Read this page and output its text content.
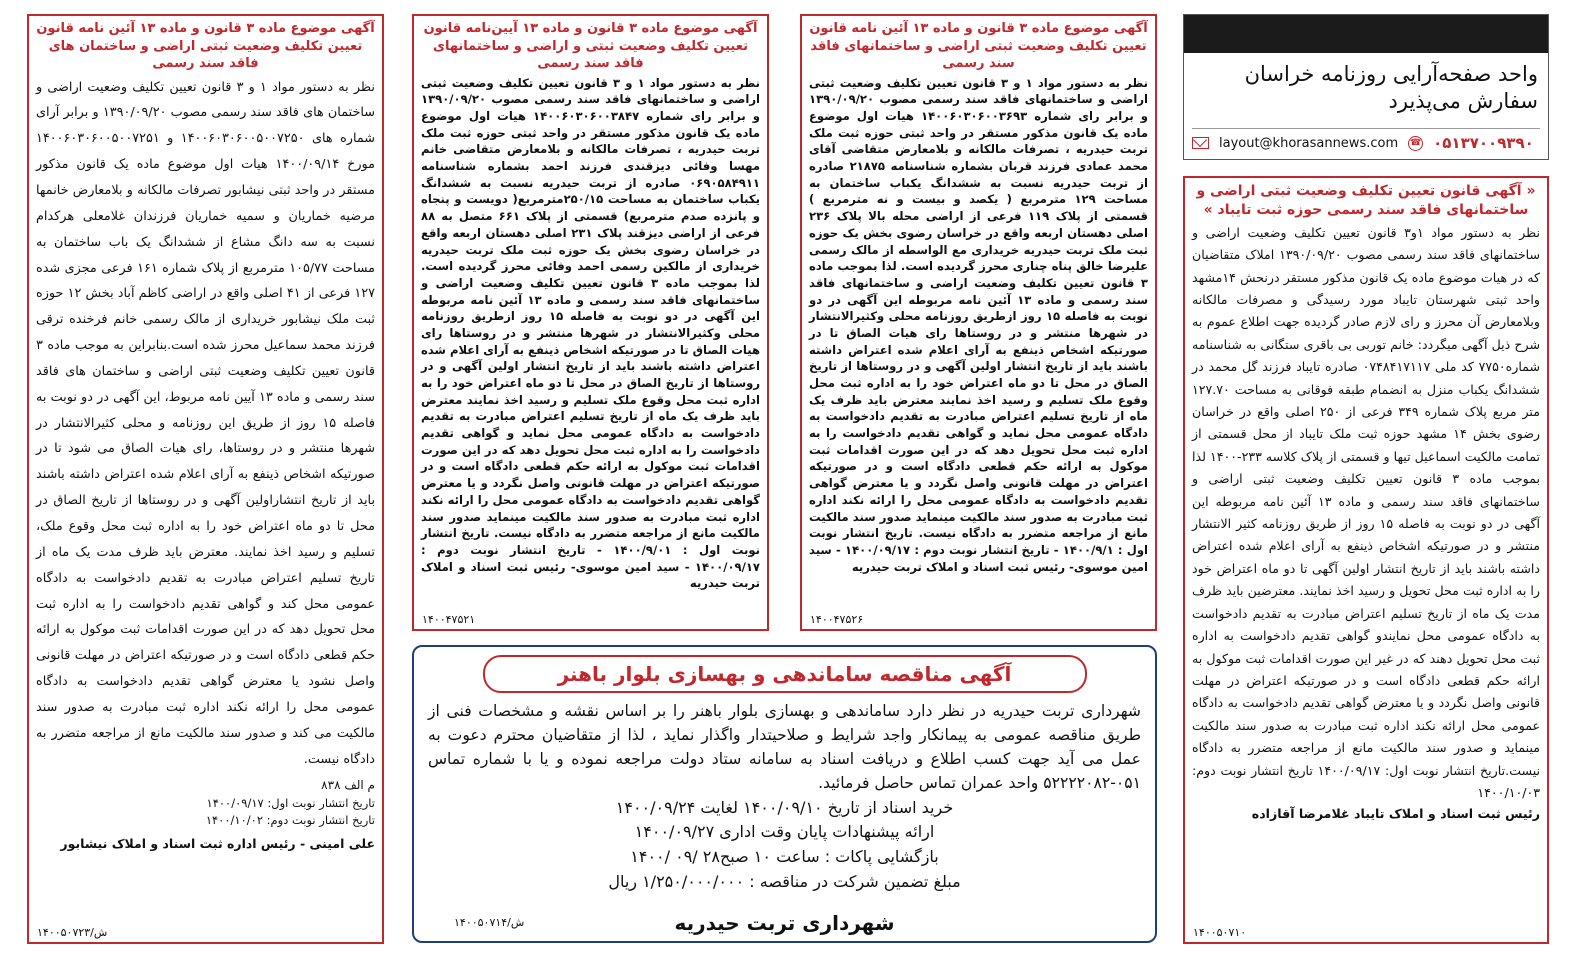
واحد صفحه‌آرایی روزنامه خراسان سفارش می‌پذیرد
layout@khorasannews.com ☎ ۰۵۱۳۷۰۰۹۳۹۰
« آگهی قانون تعیین تکلیف وضعیت ثبتی اراضی و ساختمانهای فاقد سند رسمی حوزه ثبت تایباد »
نظر به دستور مواد ۱و۳ قانون تعیین تکلیف وضعیت اراضی و ساختمانهای فاقد سند رسمی مصوب ۱۳۹۰/۰۹/۲۰ املاک متقاضیان که در هیات موضوع ماده یک قانون مذکور مستقر درنحش ۱۴مشهد واحد ثبتی شهرستان تایباد مورد رسیدگی و مصرفات مالکانه وبلامعارض آن محرز و رای لازم صادر گردیده جهت اطلاع عموم به شرح ذیل آگهی میگردد: خانم توربی بی باقری ستگانی به شناسنامه شماره۷۷۵۰ کد ملی ۰۷۴۸۴۱۷۱۱۷ صادره تایباد فرزند گل محمد در ششدانگ یکباب منزل به انضمام طبقه فوقانی به مساحت ۱۲۷.۷۰ متر مربع پلاک شماره ۳۴۹ فرعی از ۲۵۰ اصلی واقع در خراسان رضوی بخش ۱۴ مشهد حوزه ثبت ملک تایباد از محل قسمتی از تمامت مالکیت اسماعیل تیها و قسمتی از پلاک کلاسه ۲۳۳-۱۴۰۰ لذا بموجب ماده ۳ قانون تعیین تکلیف وضعیت ثبتی اراضی و ساختمانهای فاقد سند رسمی و ماده ۱۳ آئین نامه مربوطه این آگهی در دو نوبت به فاصله ۱۵ روز از طریق روزنامه کثیر الانتشار منتشر و در صورتیکه اشخاص ذینفع به آرای اعلام شده اعتراض داشته باشند باید از تاریخ انتشار اولین آگهی تا دو ماه اعتراض خود را به اداره ثبت محل تحویل و رسید اخذ نمایند. معترضین باید ظرف مدت یک ماه از تاریخ تسلیم اعتراض مبادرت به تقدیم دادخواست به دادگاه عمومی محل نمایندو گواهی تقدیم دادخواست به اداره ثبت محل تحویل دهند که در غیر این صورت اقدامات ثبت موکول به ارائه حکم قطعی دادگاه است و در صورتیکه اعتراض در مهلت قانونی واصل نگردد و یا معترض گواهی تقدیم دادخواست به دادگاه عمومی محل ارائه نکند اداره ثبت مبادرت به صدور سند مالکیت مینماید و صدور سند مالکیت مانع از مراجعه متضرر به دادگاه نیست.تاریخ انتشار نوبت اول: ۱۴۰۰/۰۹/۱۷ تاریخ انتشار نوبت دوم: ۱۴۰۰/۱۰/۰۳
رئیس ثبت اسناد و املاک تایباد غلامرضا آقازاده
۱۴۰۰۵۰۷۱۰
آگهی موضوع ماده ۳ قانون و ماده ۱۳ آئین نامه قانون تعیین تکلیف وضعیت ثبتی اراضی و ساختمانهای فاقد سند رسمی
نظر به دستور مواد ۱ و ۳ قانون تعیین تکلیف وضعیت ثبتی اراضی و ساختمانهای فاقد سند رسمی مصوب ۱۳۹۰/۰۹/۲۰ و برابر رای شماره ۱۴۰۰۶۰۳۰۶۰۰۳۶۹۳ هیات اول موضوع ماده یک قانون مذکور مستقر در واحد ثبتی حوزه ثبت ملک تربت حیدریه ، تصرفات مالکانه و بلامعارض متقاضی آقای محمد عمادی فرزند قربان بشماره شناسنامه ۲۱۸۷۵ صادره از تربت حیدریه نسبت به ششدانگ یکباب ساختمان به مساحت ۱۲۹ مترمربع ( یکصد و بیست و نه مترمربع ) قسمتی از پلاک ۱۱۹ فرعی از اراضی محله بالا پلاک ۲۳۶ اصلی دهستان اربعه واقع در خراسان رضوی بخش یک حوزه ثبت ملک تربت حیدریه خریداری مع الواسطه از مالک رسمی علیرضا خالق پناه چناری محرز گردیده است. لذا بموجب ماده ۳ قانون تعیین تکلیف وضعیت اراضی و ساختمانهای فاقد سند رسمی و ماده ۱۳ آئین نامه مربوطه این آگهی در دو نوبت به فاصله ۱۵ روز ازطریق روزنامه محلی وکثیرالانتشار در شهرها منتشر و در روستاها رای هیات الصاق تا در صورتیکه اشخاص ذینفع به آرای اعلام شده اعتراض داشته باشند باید از تاریخ انتشار اولین آگهی و در روستاها از تاریخ الصاق در محل تا دو ماه اعتراض خود را به اداره ثبت محل وقوع ملک تسلیم و رسید اخذ نمایند معترض باید ظرف یک ماه از تاریخ تسلیم اعتراض مبادرت به تقدیم دادخواست به دادگاه عمومی محل نماید و گواهی تقدیم دادخواست را به اداره ثبت محل تحویل دهد که در این صورت اقدامات ثبت موکول به ارائه حکم قطعی دادگاه است و در صورتیکه اعتراض در مهلت قانونی واصل نگردد و یا معترض گواهی تقدیم دادخواست به دادگاه عمومی محل را ارائه نکند اداره ثبت مبادرت به صدور سند مالکیت مینماید صدور سند مالکیت مانع از مراجعه متضرر به دادگاه نیست. تاریخ انتشار نوبت اول : ۱۴۰۰/۹/۱ - تاریخ انتشار نوبت دوم : ۱۴۰۰/۰۹/۱۷ - سید امین موسوی- رئیس ثبت اسناد و املاک تربت حیدریه
۱۴۰۰۴۷۵۲۶
آگهی موضوع ماده ۳ قانون و ماده ۱۳ آیین‌نامه قانون تعیین تکلیف وضعیت ثبتی و اراضی و ساختمانهای فاقد سند رسمی
نظر به دستور مواد ۱ و ۳ قانون تعیین تکلیف وضعیت ثبتی اراضی و ساختمانهای فاقد سند رسمی مصوب ۱۳۹۰/۰۹/۲۰ و برابر رای شماره ۱۴۰۰۶۰۳۰۶۰۰۳۸۴۷ هیات اول موضوع ماده یک قانون مذکور مستقر در واحد ثبتی حوزه ثبت ملک تربت حیدریه ، تصرفات مالکانه و بلامعارض متقاضی خانم مهسا وفائی دیزقندی فرزند احمد بشماره شناسنامه ۰۶۹۰۵۸۴۹۱۱ صادره از تربت حیدریه نسبت به ششدانگ یکباب ساختمان به مساحت ۲۵۰/۱۵مترمربع( دویست و پنجاه و پانزده صدم مترمربع) قسمتی از پلاک ۶۶۱ متصل به ۸۸ فرعی از اراضی دیزقند پلاک ۲۳۱ اصلی دهستان اربعه واقع در خراسان رضوی بخش یک حوزه ثبت ملک تربت حیدریه خریداری از مالکین رسمی احمد وفائی محرز گردیده است. لذا بموجب ماده ۳ قانون تعیین تکلیف وضعیت اراضی و ساختمانهای فاقد سند رسمی و ماده ۱۳ آئین نامه مربوطه این آگهی در دو نوبت به فاصله ۱۵ روز ازطریق روزنامه محلی وکثیرالانتشار در شهرها منتشر و در روستاها رای هیات الصاق تا در صورتیکه اشخاص ذینفع به آرای اعلام شده اعتراض داشته باشند باید از تاریخ انتشار اولین آگهی و در روستاها از تاریخ الصاق در محل تا دو ماه اعتراض خود را به اداره ثبت محل وقوع ملک تسلیم و رسید اخذ نمایند معترض باید ظرف یک ماه از تاریخ تسلیم اعتراض مبادرت به تقدیم دادخواست به دادگاه عمومی محل نماید و گواهی تقدیم دادخواست را به اداره ثبت محل تحویل دهد که در این صورت اقدامات ثبت موکول به ارائه حکم قطعی دادگاه است و در صورتیکه اعتراض در مهلت قانونی واصل نگردد و یا معترض گواهی تقدیم دادخواست به دادگاه عمومی محل را ارائه نکند اداره ثبت مبادرت به صدور سند مالکیت مینماید صدور سند مالکیت مانع از مراجعه متضرر به دادگاه نیست. تاریخ انتشار نوبت اول : ۱۴۰۰/۹/۰۱ - تاریخ انتشار نوبت دوم : ۱۴۰۰/۰۹/۱۷ - سید امین موسوی- رئیس ثبت اسناد و املاک تربت حیدریه
۱۴۰۰۴۷۵۲۱
آگهی موضوع ماده ۳ قانون و ماده ۱۳ آئین نامه قانون تعیین تکلیف وضعیت ثبتی اراضی و ساختمان های فاقد سند رسمی
نظر به دستور مواد ۱ و ۳ قانون تعیین تکلیف وضعیت اراضی و ساختمان های فاقد سند رسمی مصوب ۱۳۹۰/۰۹/۲۰ و برابر آرای شماره های ۱۴۰۰۶۰۳۰۶۰۰۵۰۰۷۲۵۰ و ۱۴۰۰۶۰۳۰۶۰۰۵۰۰۷۲۵۱ مورخ ۱۴۰۰/۰۹/۱۴ هیات اول موضوع ماده یک قانون مذکور مستقر در واحد ثبتی نیشابور تصرفات مالکانه و بلامعارض خانمها مرضیه خماریان و سمیه خماریان فرزندان غلامعلی هرکدام نسبت به سه دانگ مشاع از ششدانگ یک باب ساختمان به مساحت ۱۰۵/۷۷ مترمربع از پلاک شماره ۱۶۱ فرعی مجزی شده ۱۲۷ فرعی از ۴۱ اصلی واقع در اراضی کاظم آباد بخش ۱۲ حوزه ثبت ملک نیشابور خریداری از مالک رسمی خانم فرخنده ترقی فرزند محمد سماعیل محرز شده است.بنابراین به موجب ماده ۳ قانون تعیین تکلیف وضعیت ثبتی اراضی و ساختمان های فاقد سند رسمی و ماده ۱۳ آیین نامه مربوط، این آگهی در دو نوبت به فاصله ۱۵ روز از طریق این روزنامه و محلی کثیرالانتشار در شهرها منتشر و در روستاها، رای هیات الصاق می شود تا در صورتیکه اشخاص ذینفع به آرای اعلام شده اعتراض داشته باشند باید از تاریخ انتشاراولین آگهی و در روستاها از تاریخ الصاق در محل تا دو ماه اعتراض خود را به اداره ثبت محل وقوع ملک، تسلیم و رسید اخذ نمایند. معترض باید ظرف مدت یک ماه از تاریخ تسلیم اعتراض مبادرت به تقدیم دادخواست به دادگاه عمومی محل کند و گواهی تقدیم دادخواست را به اداره ثبت محل تحویل دهد که در این صورت اقدامات ثبت موکول به ارائه حکم قطعی دادگاه است و در صورتیکه اعتراض در مهلت قانونی واصل نشود یا معترض گواهی تقدیم دادخواست به دادگاه عمومی محل را ارائه نکند اداره ثبت مبادرت به صدور سند مالکیت می کند و صدور سند مالکیت مانع از مراجعه متضرر به دادگاه نیست.
م الف ۸۳۸
تاریخ انتشار نوبت اول: ۱۴۰۰/۰۹/۱۷
تاریخ انتشار نوبت دوم: ۱۴۰۰/۱۰/۰۲
علی امینی - رئیس اداره ثبت اسناد و املاک نیشابور
۱۴۰۰۵۰۷۲۳/ش
آگهی مناقصه ساماندهی و بهسازی بلوار باهنر
شهرداری تربت حیدریه در نظر دارد ساماندهی و بهسازی بلوار باهنر را بر اساس نقشه و مشخصات فنی از طریق مناقصه عمومی به پیمانکار واجد شرایط و صلاحیتدار واگذار نماید ، لذا از متقاضیان محترم دعوت به عمل می آید جهت کسب اطلاع و دریافت اسناد به سامانه ستاد دولت مراجعه نموده و یا با شماره تماس ۰۵۱-۵۲۲۲۲۰۸۲ واحد عمران تماس حاصل فرمائید.
خرید اسناد از تاریخ ۱۴۰۰/۰۹/۱۰ لغایت ۱۴۰۰/۰۹/۲۴
ارائه پیشنهادات پایان وقت اداری ۱۴۰۰/۰۹/۲۷
بازگشایی پاکات : ساعت ۱۰ صبح۲۸ /۰۹ /۱۴۰۰
مبلغ تضمین شرکت در مناقصه : ۱/۲۵۰/۰۰۰/۰۰۰ ریال
شهرداری تربت حیدریه
۱۴۰۰۵۰۷۱۴/ش
